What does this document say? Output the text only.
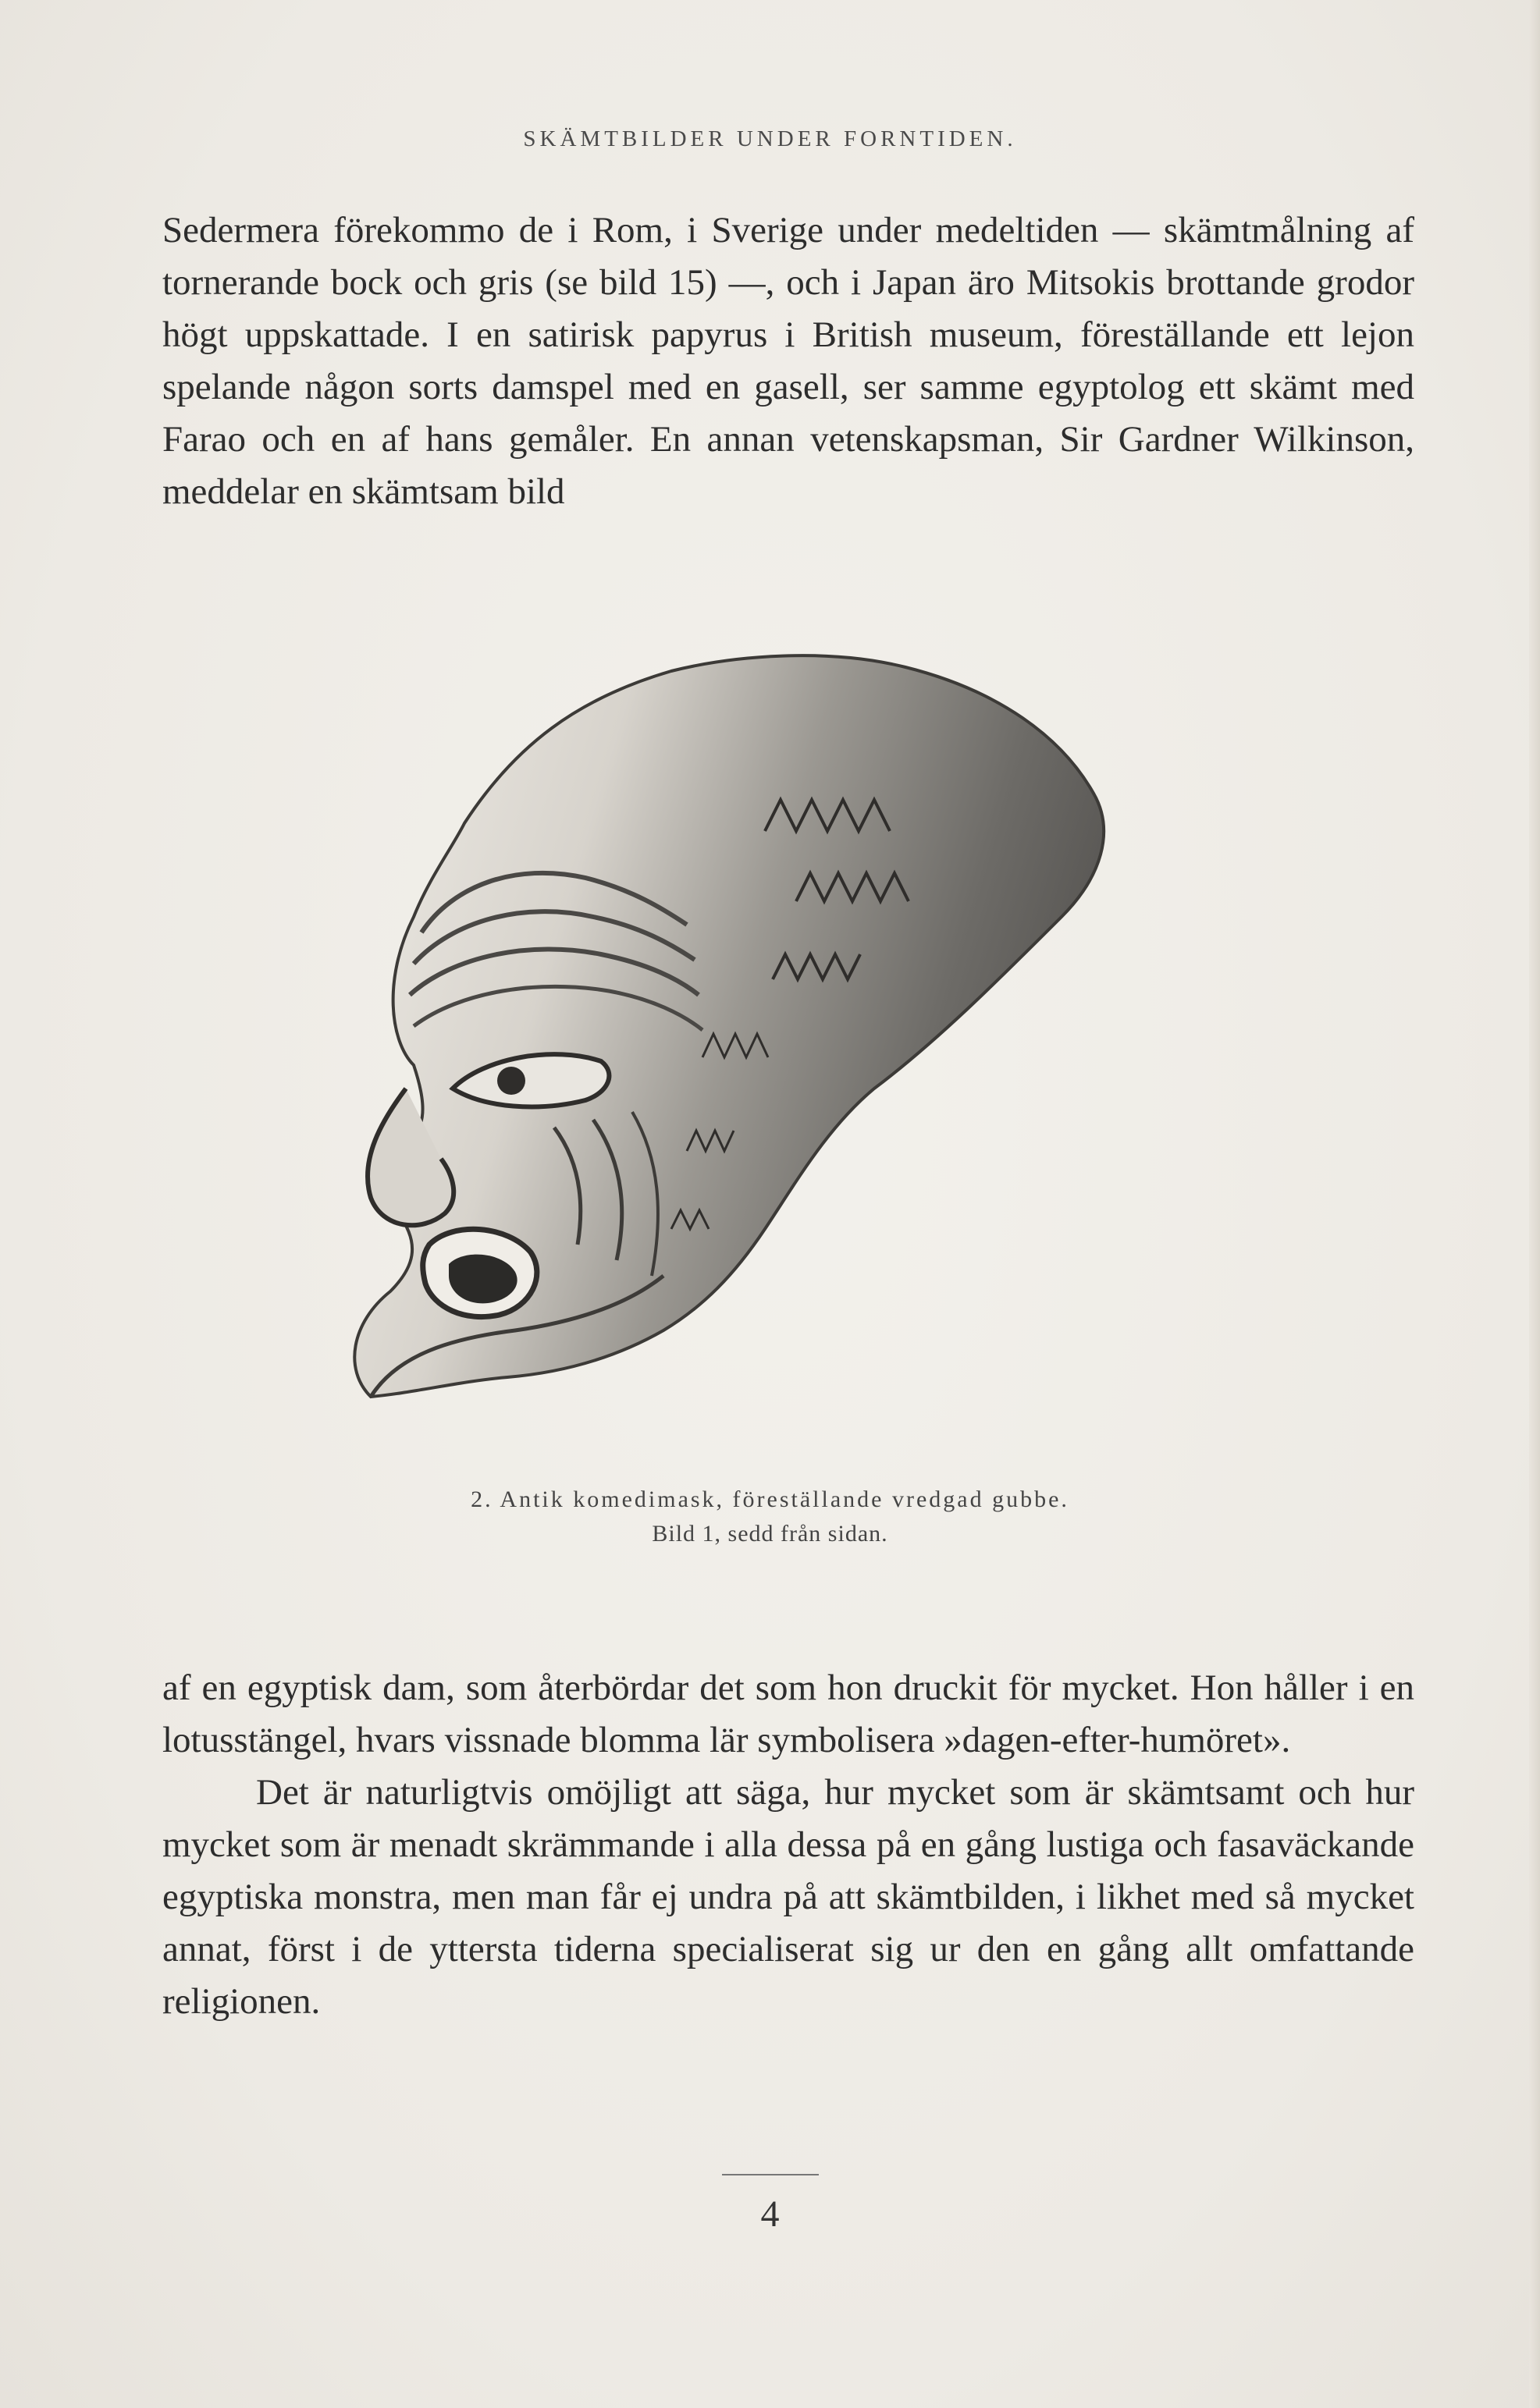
SKÄMTBILDER UNDER FORNTIDEN.

Sedermera förekommo de i Rom, i Sverige under medeltiden — skämtmålning af tornerande bock och gris (se bild 15) —, och i Japan äro Mitsokis brottande grodor högt uppskattade. I en satirisk papyrus i British museum, föreställande ett lejon spelande någon sorts damspel med en gasell, ser samme egyptolog ett skämt med Farao och en af hans gemåler. En annan vetenskapsman, Sir Gardner Wilkinson, meddelar en skämtsam bild

2. Antik komedimask, föreställande vredgad gubbe.
Bild 1, sedd från sidan.

af en egyptisk dam, som återbördar det som hon druckit för mycket. Hon håller i en lotusstängel, hvars vissnade blomma lär symbolisera »dagen-efter-humöret».

Det är naturligtvis omöjligt att säga, hur mycket som är skämtsamt och hur mycket som är menadt skrämmande i alla dessa på en gång lustiga och fasaväckande egyptiska monstra, men man får ej undra på att skämtbilden, i likhet med så mycket annat, först i de yttersta tiderna specialiserat sig ur den en gång allt omfattande religionen.

4
